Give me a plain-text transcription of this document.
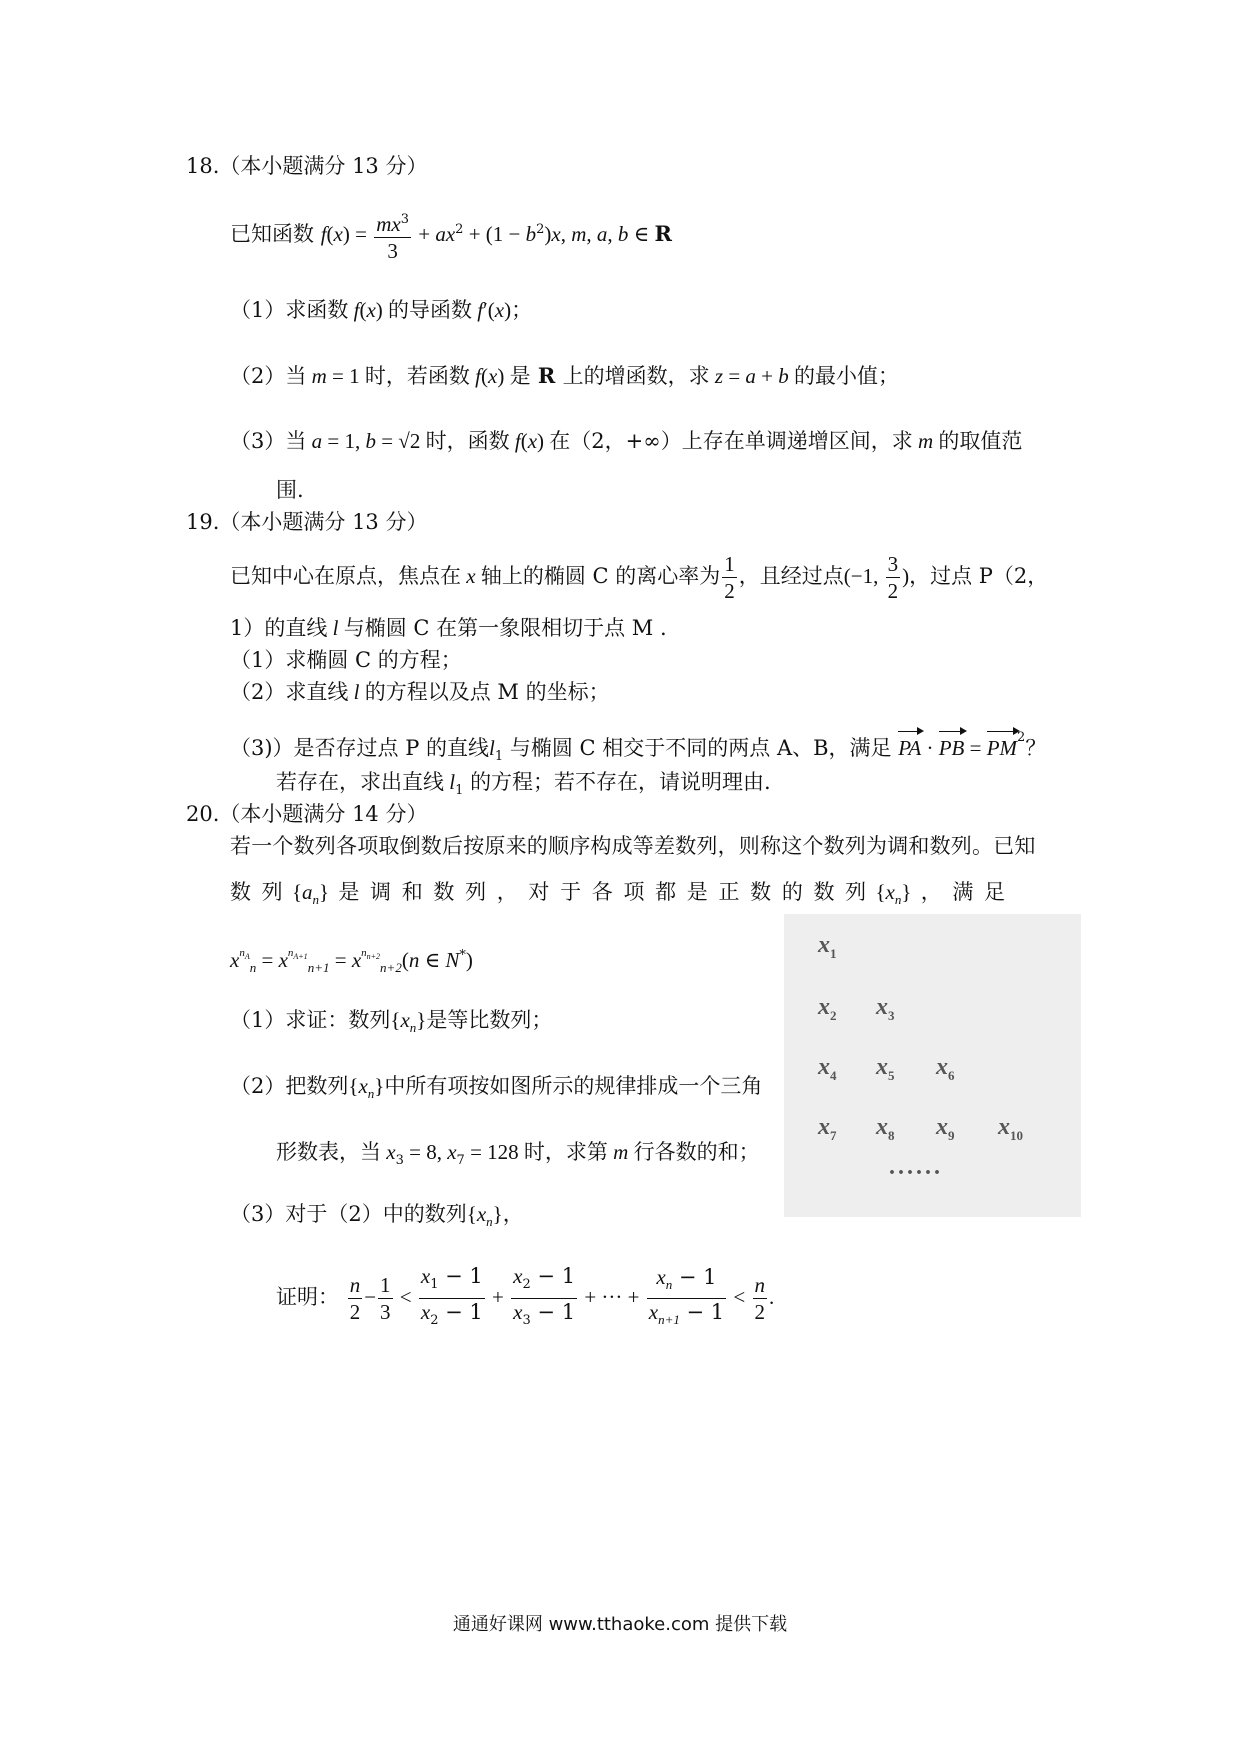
18.（本小题满分 13 分）
已知函数 $f(x) = \frac{mx^3}{3} + ax^2 + (1 - b^2)x$, m, a, b ∈ R
（1）求函数 f(x) 的导函数 f′(x)；
（2）当 m = 1 时，若函数 f(x) 是 R 上的增函数，求 z = a + b 的最小值；
（3）当 a = 1, b = √2 时，函数 f(x) 在（2，+∞）上存在单调递增区间，求 m 的取值范
围.
19.（本小题满分 13 分）
已知中心在原点，焦点在 x 轴上的椭圆 C 的离心率为 $\frac{1}{2}$ ，且经过点(−1, $\frac{3}{2}$ )，过点 P（2，
1）的直线 l 与椭圆 C 在第一象限相切于点 M .
（1）求椭圆 C 的方程；
（2）求直线 l 的方程以及点 M 的坐标；
（3)）是否存过点 P 的直线$l_1$ 与椭圆 C 相交于不同的两点 A、B，满足 PA · PB = $PM^2$？
若存在，求出直线 $l_1$ 的方程；若不存在，请说明理由.
20.（本小题满分 14 分）
若一个数列各项取倒数后按原来的顺序构成等差数列，则称这个数列为调和数列。已知
数 列 $\{a_n\}$ 是 调 和 数 列 ， 对 于 各 项 都 是 正 数 的 数 列 $\{x_n\}$ ， 满 足
$x_{^{n_A}n} = x_{^{n_{A+1}}n+1} = x_{^{n_{n+2}}n+2}(n$ ∈ N*)
（1）求证：数列$\{x_n\}$是等比数列；
（2）把数列$\{x_n\}$中所有项按如图所示的规律排成一个三角
形数表，当 $x_3 = 8$, $x_7 = 128$ 时，求第 m 行各数的和；
（3）对于（2）中的数列$\{x_n\}$，
证明： $\frac{n}{2} - \frac{1}{3} < \frac{x_1 - 1}{x_2 - 1} + \frac{x_2 - 1}{x_3 - 1}$ + ··· + $\frac{x_n - 1}{x_{n+1} - 1} < \frac{n}{2}$ .
$x_1$
$x_2$ $x_3$
$x_4$ $x_5$ $x_6$
$x_7$ $x_8$ $x_9$ $x_{10}$
······
通通好课网 www.tthaoke.com 提供下载
